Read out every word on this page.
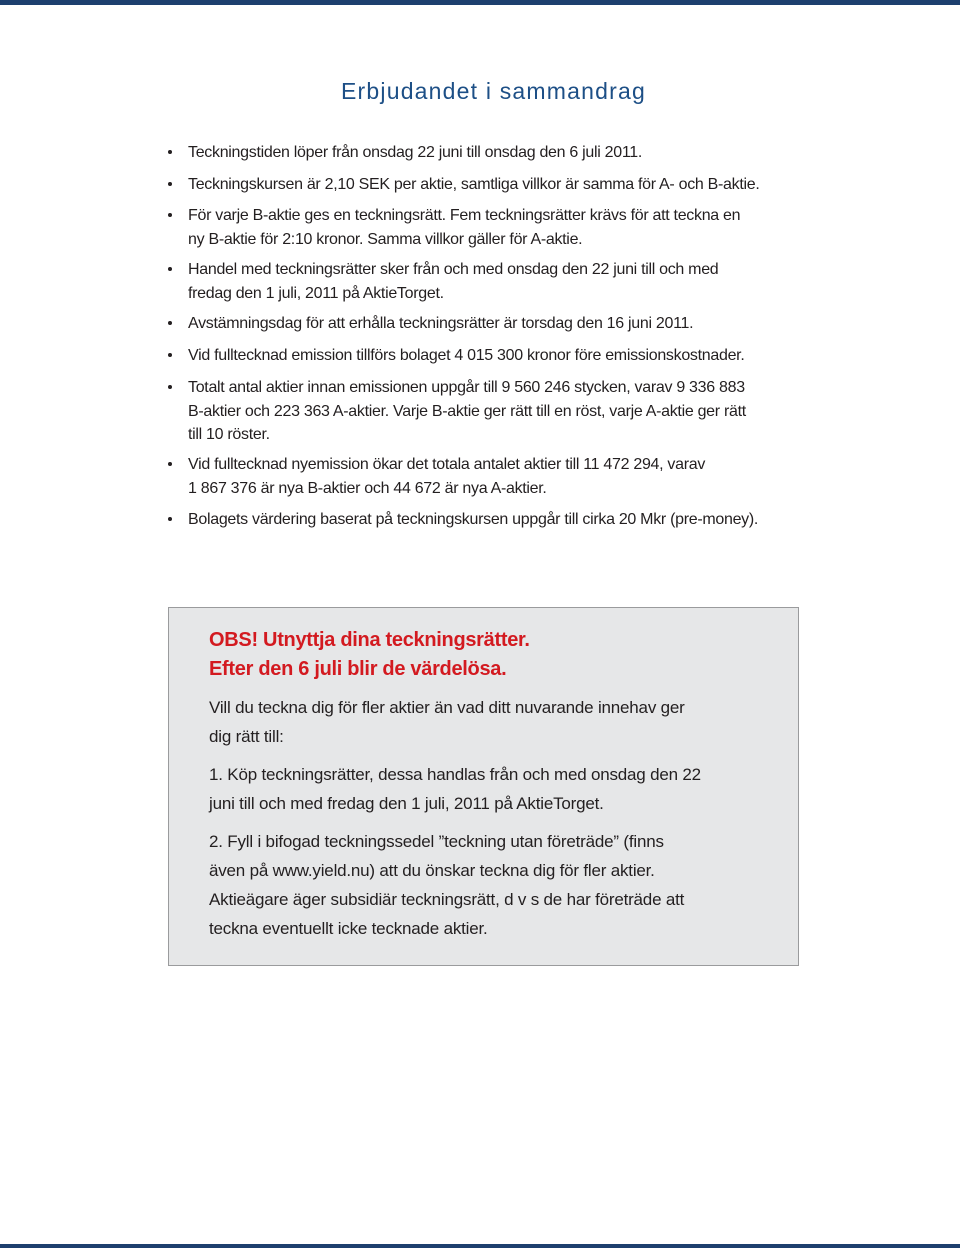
Erbjudandet i sammandrag
Teckningstiden löper från onsdag 22 juni till onsdag den 6 juli 2011.
Teckningskursen är 2,10 SEK per aktie, samtliga villkor är samma för A- och B-aktie.
För varje B-aktie ges en teckningsrätt. Fem teckningsrätter krävs för att teckna en
ny B-aktie för 2:10 kronor. Samma villkor gäller för A-aktie.
Handel med teckningsrätter sker från och med onsdag den 22 juni till och med
fredag den 1 juli, 2011 på AktieTorget.
Avstämningsdag för att erhålla teckningsrätter är torsdag den 16 juni 2011.
Vid fulltecknad emission tillförs bolaget 4 015 300 kronor före emissionskostnader.
Totalt antal aktier innan emissionen uppgår till 9 560 246 stycken, varav 9 336 883
B-aktier och 223 363 A-aktier. Varje B-aktie ger rätt till en röst, varje A-aktie ger rätt
till 10 röster.
Vid fulltecknad nyemission ökar det totala antalet aktier till 11 472 294, varav
1 867 376 är nya B-aktier och 44 672 är nya A-aktier.
Bolagets värdering baserat på teckningskursen uppgår till cirka 20 Mkr (pre-money).
OBS! Utnyttja dina teckningsrätter.
Efter den 6 juli blir de värdelösa.

Vill du teckna dig för fler aktier än vad ditt nuvarande innehav ger
dig rätt till:

1. Köp teckningsrätter, dessa handlas från och med onsdag den 22
juni till och med fredag den 1 juli, 2011 på AktieTorget.

2. Fyll i bifogad teckningssedel ”teckning utan företräde” (finns
även på www.yield.nu) att du önskar teckna dig för fler aktier.
Aktieägare äger subsidiär teckningsrätt, d v s de har företräde att
teckna eventuellt icke tecknade aktier.
